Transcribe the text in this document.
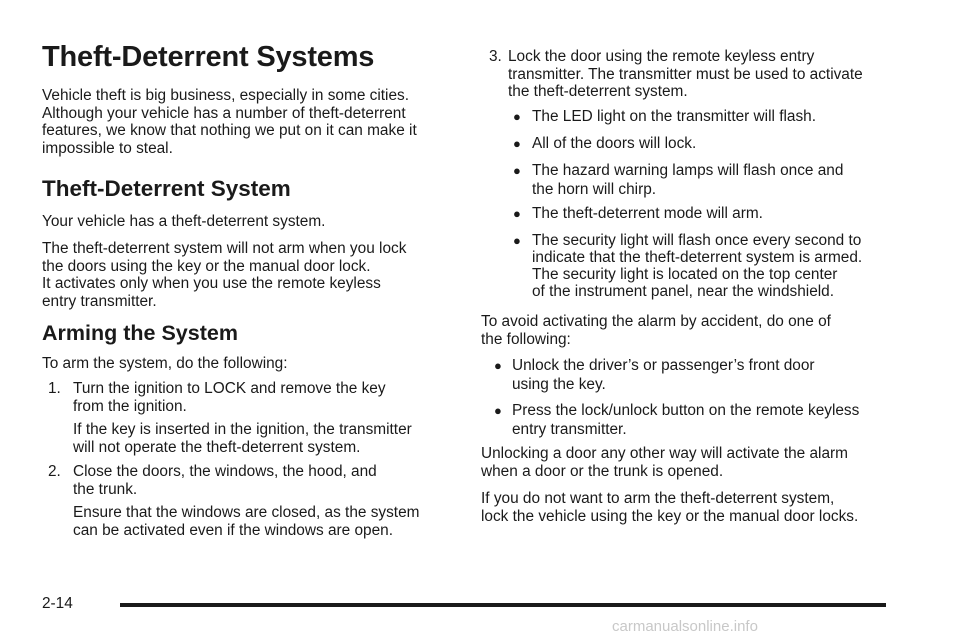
Theft-Deterrent Systems
Vehicle theft is big business, especially in some cities.
Although your vehicle has a number of theft-deterrent
features, we know that nothing we put on it can make it
impossible to steal.
Theft-Deterrent System
Your vehicle has a theft-deterrent system.
The theft-deterrent system will not arm when you lock
the doors using the key or the manual door lock.
It activates only when you use the remote keyless
entry transmitter.
Arming the System
To arm the system, do the following:
1. Turn the ignition to LOCK and remove the key
from the ignition.
If the key is inserted in the ignition, the transmitter
will not operate the theft-deterrent system.
2. Close the doors, the windows, the hood, and
the trunk.
Ensure that the windows are closed, as the system
can be activated even if the windows are open.
3. Lock the door using the remote keyless entry
transmitter. The transmitter must be used to activate
the theft-deterrent system.
● The LED light on the transmitter will flash.
● All of the doors will lock.
● The hazard warning lamps will flash once and
the horn will chirp.
● The theft-deterrent mode will arm.
● The security light will flash once every second to
indicate that the theft-deterrent system is armed.
The security light is located on the top center
of the instrument panel, near the windshield.
To avoid activating the alarm by accident, do one of
the following:
● Unlock the driver’s or passenger’s front door
using the key.
● Press the lock/unlock button on the remote keyless
entry transmitter.
Unlocking a door any other way will activate the alarm
when a door or the trunk is opened.
If you do not want to arm the theft-deterrent system,
lock the vehicle using the key or the manual door locks.
2-14
carmanualsonline.info
